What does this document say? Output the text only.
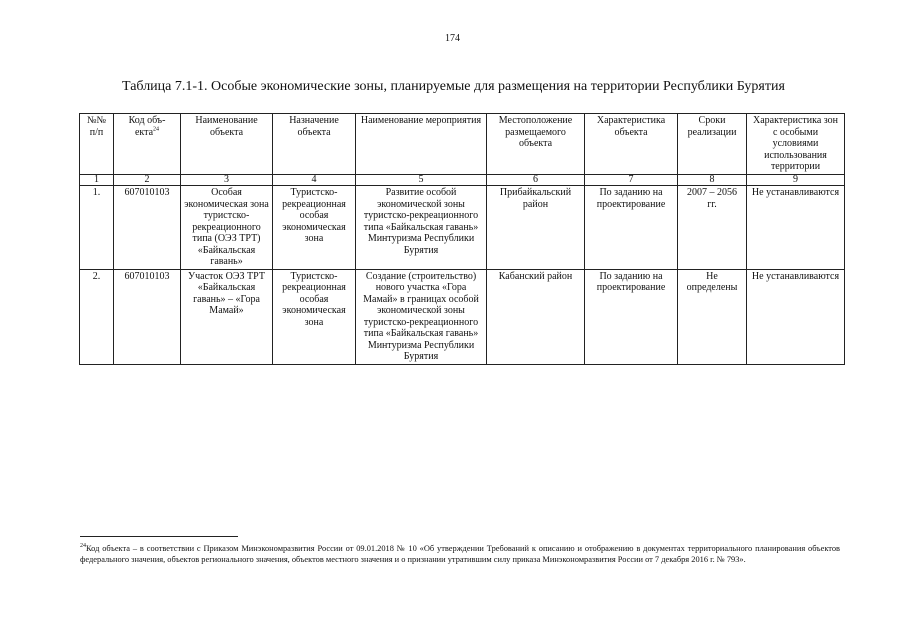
174
Таблица 7.1-1. Особые экономические зоны, планируемые для размещения на территории Республики Бурятия
№№ п/п	Код объ-екта$^{24}$	Наименование объекта	Назначение объекта	Наименование мероприятия	Местоположение размещаемого объекта	Характеристика объекта	Сроки реализации	Характеристика зон с особыми условиями использования территории
1	2	3	4	5	6	7	8	9
1.	607010103	Особая экономическая зона туристско-рекреационного типа (ОЭЗ ТРТ) «Байкальская гавань»	Туристско-рекреационная особая экономическая зона	Развитие особой экономической зоны туристско-рекреационного типа «Байкальская гавань» Минтуризма Республики Бурятия	Прибайкальский район	По заданию на проектирование	2007 – 2056 гг.	Не устанавливаются
2.	607010103	Участок ОЭЗ ТРТ «Байкальская гавань» – «Гора Мамай»	Туристско-рекреационная особая экономическая зона	Создание (строительство) нового участка «Гора Мамай» в границах особой экономической зоны туристско-рекреационного типа «Байкальская гавань» Минтуризма Республики Бурятия	Кабанский район	По заданию на проектирование	Не определены	Не устанавливаются
$^{24}$Код объекта – в соответствии с Приказом Минэкономразвития России от 09.01.2018 № 10 «Об утверждении Требований к описанию и отображению в документах территориального планирования объектов федерального значения, объектов регионального значения, объектов местного значения и о признании утратившим силу приказа Минэкономразвития России от 7 декабря 2016 г. № 793».
